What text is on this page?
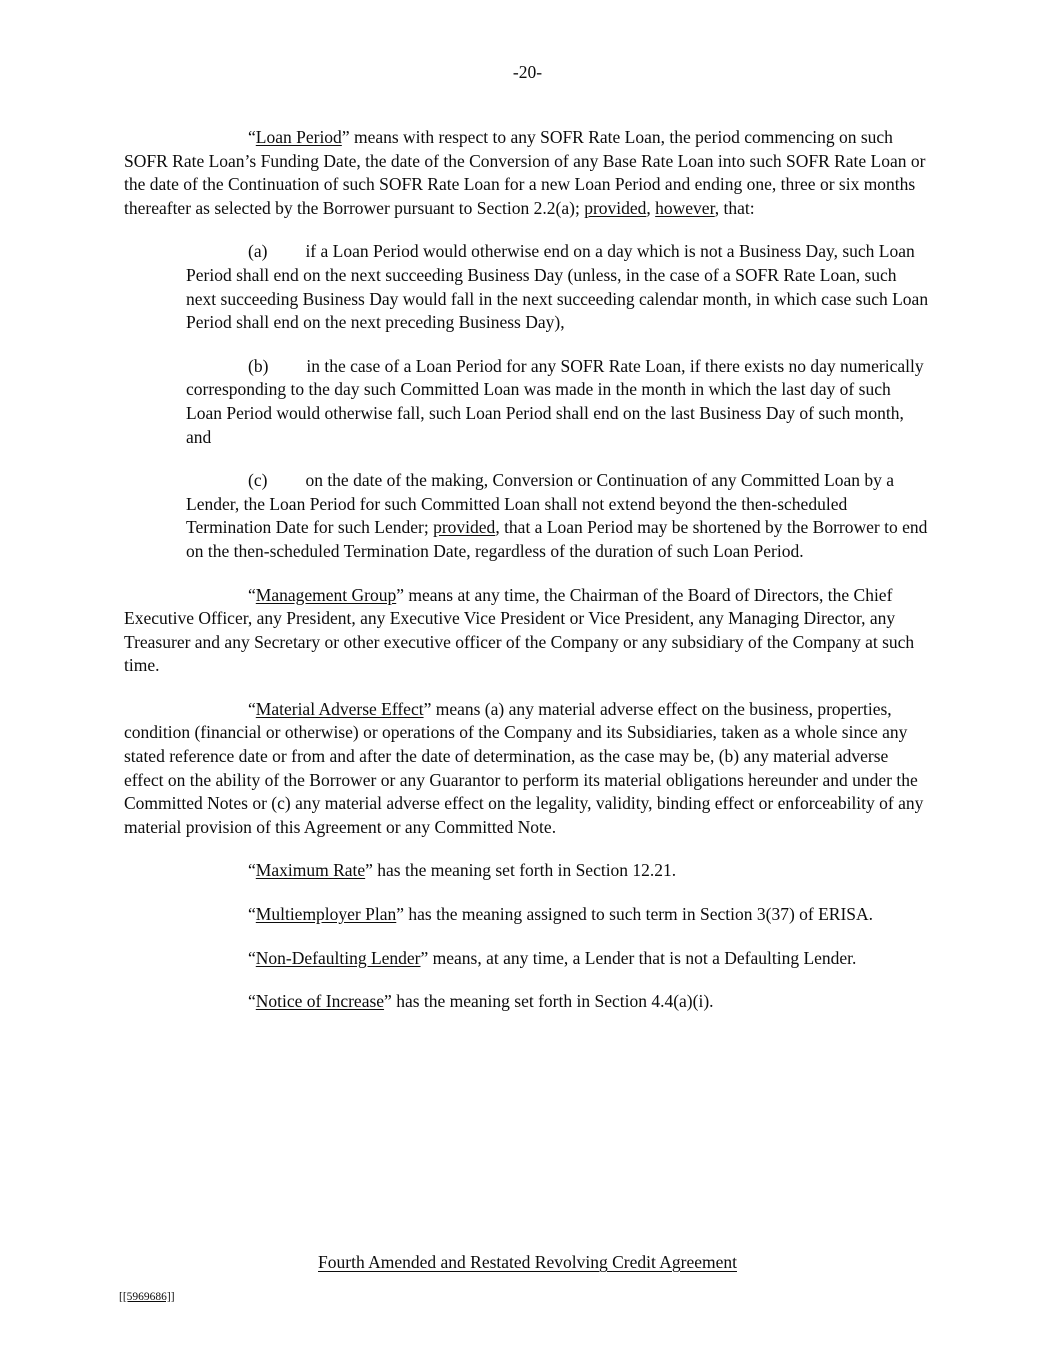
-20-

“Loan Period” means with respect to any SOFR Rate Loan, the period commencing on such SOFR Rate Loan’s Funding Date, the date of the Conversion of any Base Rate Loan into such SOFR Rate Loan or the date of the Continuation of such SOFR Rate Loan for a new Loan Period and ending one, three or six months thereafter as selected by the Borrower pursuant to Section 2.2(a); provided, however, that:

(a) if a Loan Period would otherwise end on a day which is not a Business Day, such Loan Period shall end on the next succeeding Business Day (unless, in the case of a SOFR Rate Loan, such next succeeding Business Day would fall in the next succeeding calendar month, in which case such Loan Period shall end on the next preceding Business Day),

(b) in the case of a Loan Period for any SOFR Rate Loan, if there exists no day numerically corresponding to the day such Committed Loan was made in the month in which the last day of such Loan Period would otherwise fall, such Loan Period shall end on the last Business Day of such month, and

(c) on the date of the making, Conversion or Continuation of any Committed Loan by a Lender, the Loan Period for such Committed Loan shall not extend beyond the then-scheduled Termination Date for such Lender; provided, that a Loan Period may be shortened by the Borrower to end on the then-scheduled Termination Date, regardless of the duration of such Loan Period.

“Management Group” means at any time, the Chairman of the Board of Directors, the Chief Executive Officer, any President, any Executive Vice President or Vice President, any Managing Director, any Treasurer and any Secretary or other executive officer of the Company or any subsidiary of the Company at such time.

“Material Adverse Effect” means (a) any material adverse effect on the business, properties, condition (financial or otherwise) or operations of the Company and its Subsidiaries, taken as a whole since any stated reference date or from and after the date of determination, as the case may be, (b) any material adverse effect on the ability of the Borrower or any Guarantor to perform its material obligations hereunder and under the Committed Notes or (c) any material adverse effect on the legality, validity, binding effect or enforceability of any material provision of this Agreement or any Committed Note.

“Maximum Rate” has the meaning set forth in Section 12.21.

“Multiemployer Plan” has the meaning assigned to such term in Section 3(37) of ERISA.

“Non-Defaulting Lender” means, at any time, a Lender that is not a Defaulting Lender.

“Notice of Increase” has the meaning set forth in Section 4.4(a)(i).

Fourth Amended and Restated Revolving Credit Agreement
[[5969686]]
